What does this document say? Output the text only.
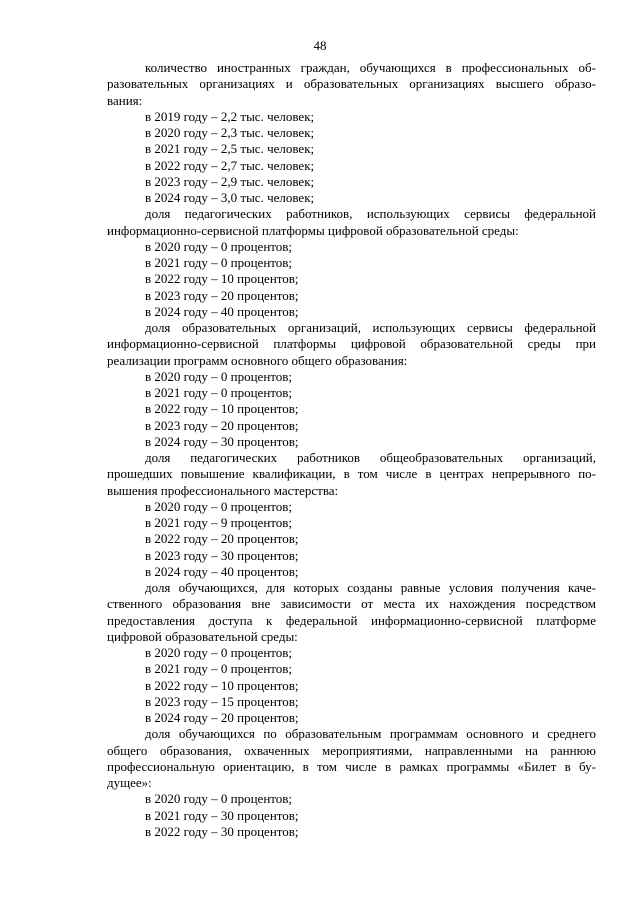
48
количество иностранных граждан, обучающихся в профессиональных об-
разовательных организациях и образовательных организациях высшего образо-
вания:
в 2019 году – 2,2 тыс. человек;
в 2020 году – 2,3 тыс. человек;
в 2021 году – 2,5 тыс. человек;
в 2022 году – 2,7 тыс. человек;
в 2023 году – 2,9 тыс. человек;
в 2024 году – 3,0 тыс. человек;
доля педагогических работников, использующих сервисы федеральной
информационно-сервисной платформы цифровой образовательной среды:
в 2020 году – 0 процентов;
в 2021 году – 0 процентов;
в 2022 году – 10 процентов;
в 2023 году – 20 процентов;
в 2024 году – 40 процентов;
доля образовательных организаций, использующих сервисы федеральной
информационно-сервисной платформы цифровой образовательной среды при
реализации программ основного общего образования:
в 2020 году – 0 процентов;
в 2021 году – 0 процентов;
в 2022 году – 10 процентов;
в 2023 году – 20 процентов;
в 2024 году – 30 процентов;
доля педагогических работников общеобразовательных организаций,
прошедших повышение квалификации, в том числе в центрах непрерывного по-
вышения профессионального мастерства:
в 2020 году – 0 процентов;
в 2021 году – 9 процентов;
в 2022 году – 20 процентов;
в 2023 году – 30 процентов;
в 2024 году – 40 процентов;
доля обучающихся, для которых созданы равные условия получения каче-
ственного образования вне зависимости от места их нахождения посредством
предоставления доступа к федеральной информационно-сервисной платформе
цифровой образовательной среды:
в 2020 году – 0 процентов;
в 2021 году – 0 процентов;
в 2022 году – 10 процентов;
в 2023 году – 15 процентов;
в 2024 году – 20 процентов;
доля обучающихся по образовательным программам основного и среднего
общего образования, охваченных мероприятиями, направленными на раннюю
профессиональную ориентацию, в том числе в рамках программы «Билет в бу-
дущее»:
в 2020 году – 0 процентов;
в 2021 году – 30 процентов;
в 2022 году – 30 процентов;
